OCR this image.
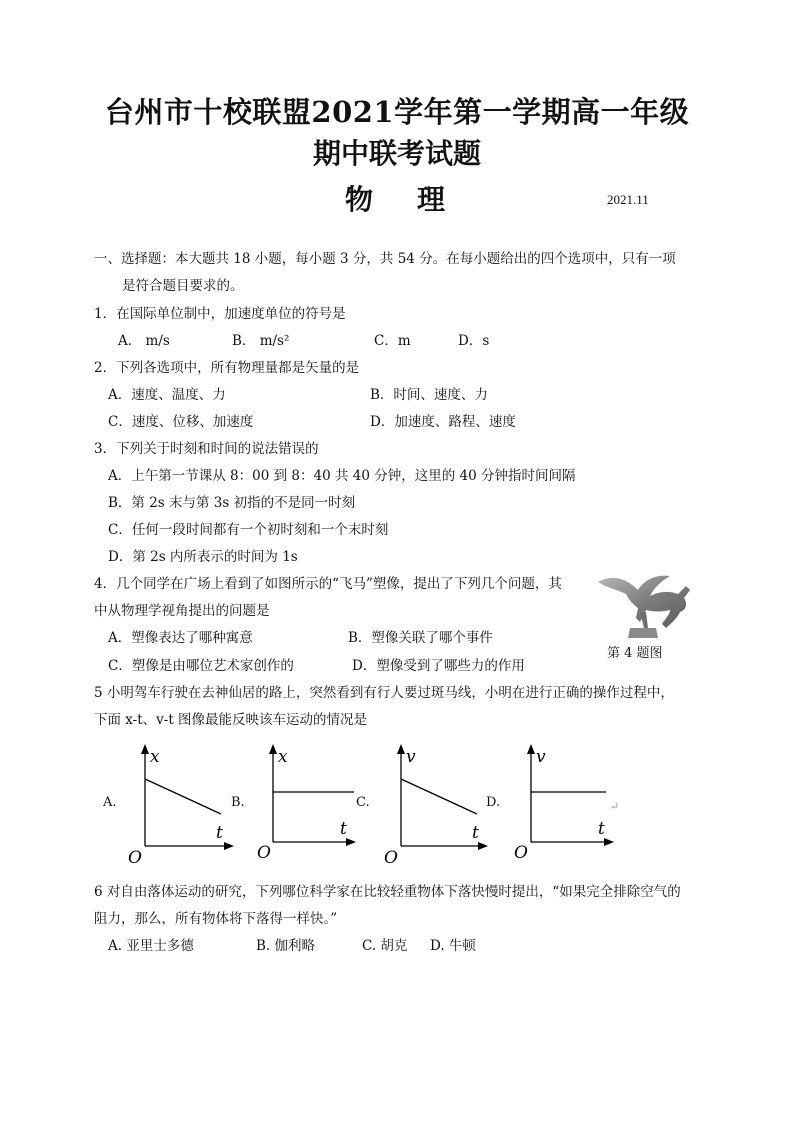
台州市十校联盟2021学年第一学期高一年级
期中联考试题
物理	2021.11
一、选择题：本大题共 18 小题，每小题 3 分，共 54 分。在每小题给出的四个选项中，只有一项
是符合题目要求的。
1．在国际单位制中，加速度单位的符号是
A． m/s	B． m/s²	C．m	D．s
2．下列各选项中，所有物理量都是矢量的是
A．速度、温度、力	B．时间、速度、力
C．速度、位移、加速度	D．加速度、路程、速度
3．下列关于时刻和时间的说法错误的
A．上午第一节课从 8：00 到 8：40 共 40 分钟，这里的 40 分钟指时间间隔
B．第 2s 末与第 3s 初指的不是同一时刻
C．任何一段时间都有一个初时刻和一个末时刻
D．第 2s 内所表示的时间为 1s
4．几个同学在广场上看到了如图所示的“飞马”塑像，提出了下列几个问题，其
中从物理学视角提出的问题是
A．塑像表达了哪种寓意	B．塑像关联了哪个事件
C．塑像是由哪位艺术家创作的	D．塑像受到了哪些力的作用
第 4 题图
5 小明驾车行驶在去神仙居的路上，突然看到有行人要过斑马线，小明在进行正确的操作过程中，
下面 x-t、v-t 图像最能反映该车运动的情况是
A.
x
t
O
B.
x
t
O
C.
v
t
O
D.
v
t
O
↵
6 对自由落体运动的研究，下列哪位科学家在比较轻重物体下落快慢时提出，“如果完全排除空气的
阻力，那么，所有物体将下落得一样快。”
A. 亚里士多德	B. 伽利略	C. 胡克 D. 牛顿
